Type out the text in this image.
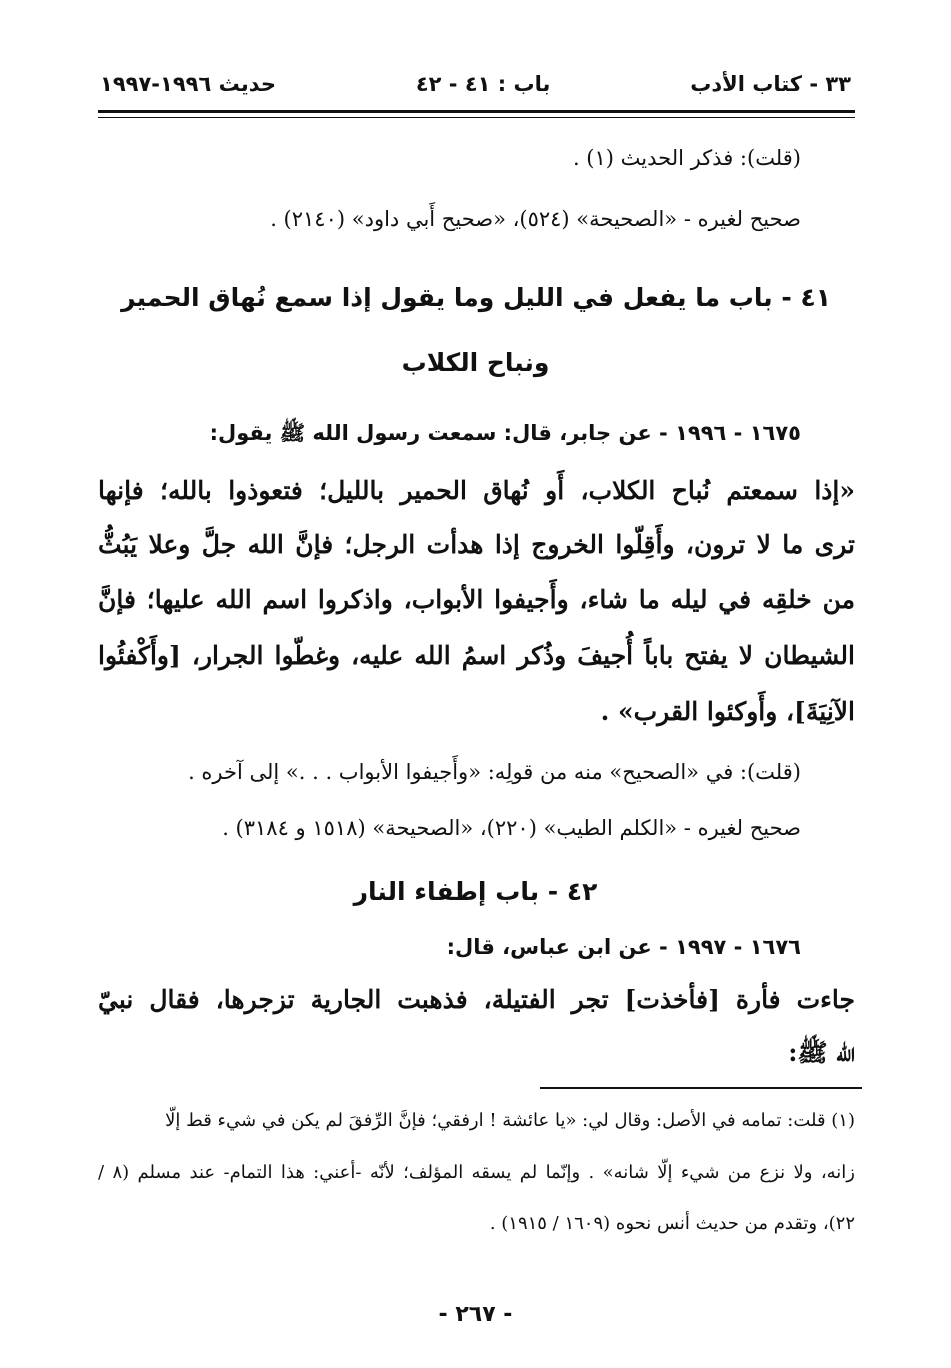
٣٣ - كتاب الأدب
باب : ٤١ - ٤٢
حديث ١٩٩٦-١٩٩٧
(قلت): فذكر الحديث (١) .
صحيح لغيره - «الصحيحة» (٥٢٤)، «صحيح أَبي داود» (٢١٤٠) .
٤١ - باب ما يفعل في الليل وما يقول إذا سمع نُهاق الحمير
ونباح الكلاب
١٦٧٥ - ١٩٩٦ - عن جابر، قال: سمعت رسول الله ﷺ يقول:
«إذا سمعتم نُباح الكلاب، أَو نُهاق الحمير بالليل؛ فتعوذوا بالله؛ فإنها
ترى ما لا ترون، وأَقِلّوا الخروج إذا هدأت الرجل؛ فإنَّ الله جلَّ وعلا يَبُثُّ
من خلقِه في ليله ما شاء، وأَجيفوا الأبواب، واذكروا اسم الله عليها؛ فإنَّ
الشيطان لا يفتح باباً أُجيفَ وذُكر اسمُ الله عليه، وغطّوا الجرار، [وأَكْفئُوا
الآنِيَةَ]، وأَوكئوا القرب» .
(قلت): في «الصحيح» منه من قولِه: «وأَجيفوا الأبواب . . .» إلى آخره .
صحيح لغيره - «الكلم الطيب» (٢٢٠)، «الصحيحة» (١٥١٨ و ٣١٨٤) .
٤٢ - باب إطفاء النار
١٦٧٦ - ١٩٩٧ - عن ابن عباس، قال:
جاءت فأرة [فأخذت] تجر الفتيلة، فذهبت الجارية تزجرها، فقال نبيّ
الله ﷺ:
(١) قلت: تمامه في الأصل: وقال لي: «يا عائشة ! ارفقي؛ فإنَّ الرِّفقَ لم يكن في شيء قط إلّا
زانه، ولا نزع من شيء إلّا شانه» . وإنّما لم يسقه المؤلف؛ لأنّه -أعني: هذا التمام- عند مسلم (٨ /
٢٢)، وتقدم من حديث أنس نحوه (١٦٠٩ / ١٩١٥) .
- ٢٦٧ -
